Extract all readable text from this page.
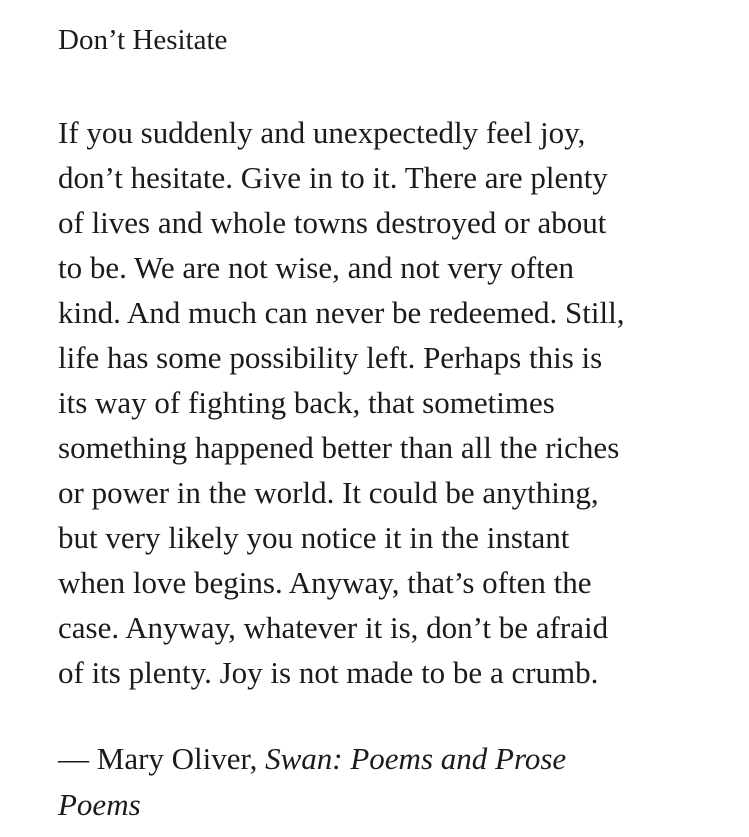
Don’t Hesitate
If you suddenly and unexpectedly feel joy,
don’t hesitate. Give in to it. There are plenty
of lives and whole towns destroyed or about
to be. We are not wise, and not very often
kind. And much can never be redeemed. Still,
life has some possibility left. Perhaps this is
its way of fighting back, that sometimes
something happened better than all the riches
or power in the world. It could be anything,
but very likely you notice it in the instant
when love begins. Anyway, that’s often the
case. Anyway, whatever it is, don’t be afraid
of its plenty. Joy is not made to be a crumb.
— Mary Oliver, Swan: Poems and Prose
Poems
